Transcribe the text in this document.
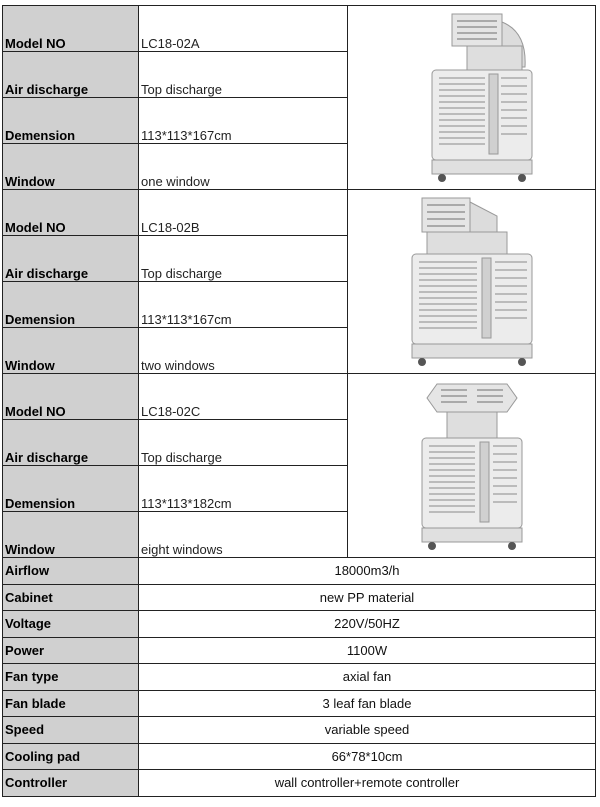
Model NO	LC18-02A	

Air discharge	Top discharge	
Demension	113*113*167cm	
Window	one window	
Model NO	LC18-02B	

Air discharge	Top discharge	
Demension	113*113*167cm	
Window	two windows	
Model NO	LC18-02C	

Air discharge	Top discharge	
Demension	113*113*182cm	
Window	eight windows	
Airflow	18000m3/h	
Cabinet	new PP material	
Voltage	220V/50HZ	
Power	1100W	
Fan type	axial fan	
Fan blade	3 leaf fan blade	
Speed	variable speed	
Cooling pad	66*78*10cm	
Controller	wall controller+remote controller	
